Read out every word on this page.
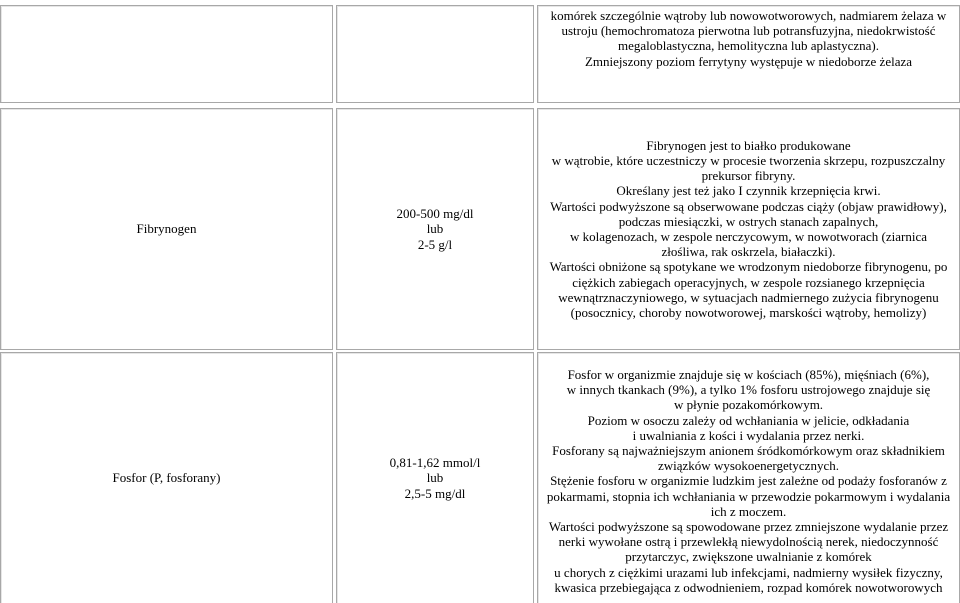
komórek szczególnie wątroby lub nowowotworowych, nadmiarem żelaza w
ustroju (hemochromatoza pierwotna lub potransfuzyjna, niedokrwistość
megaloblastyczna, hemolityczna lub aplastyczna).
Zmniejszony poziom ferrytyny występuje w niedoborze żelaza
Fibrynogen
200-500 mg/dl
lub
2-5 g/l
Fibrynogen jest to białko produkowane
w wątrobie, które uczestniczy w procesie tworzenia skrzepu, rozpuszczalny
prekursor fibryny.
Określany jest też jako I czynnik krzepnięcia krwi.
Wartości podwyższone są obserwowane podczas ciąży (objaw prawidłowy),
podczas miesiączki, w ostrych stanach zapalnych,
w kolagenozach, w zespole nerczycowym, w nowotworach (ziarnica
złośliwa, rak oskrzela, białaczki).
Wartości obniżone są spotykane we wrodzonym niedoborze fibrynogenu, po
ciężkich zabiegach operacyjnych, w zespole rozsianego krzepnięcia
wewnątrznaczyniowego, w sytuacjach nadmiernego zużycia fibrynogenu
(posocznicy, choroby nowotworowej, marskości wątroby, hemolizy)
Fosfor (P, fosforany)
0,81-1,62 mmol/l
lub
2,5-5 mg/dl
Fosfor w organizmie znajduje się w kościach (85%), mięśniach (6%),
w innych tkankach (9%), a tylko 1% fosforu ustrojowego znajduje się
w płynie pozakomórkowym.
Poziom w osoczu zależy od wchłaniania w jelicie, odkładania
i uwalniania z kości i wydalania przez nerki.
Fosforany są najważniejszym anionem śródkomórkowym oraz składnikiem
związków wysokoenergetycznych.
Stężenie fosforu w organizmie ludzkim jest zależne od podaży fosforanów z
pokarmami, stopnia ich wchłaniania w przewodzie pokarmowym i wydalania
ich z moczem.
Wartości podwyższone są spowodowane przez zmniejszone wydalanie przez
nerki wywołane ostrą i przewlekłą niewydolnością nerek, niedoczynność
przytarczyc, zwiększone uwalnianie z komórek
u chorych z ciężkimi urazami lub infekcjami, nadmierny wysiłek fizyczny,
kwasica przebiegająca z odwodnieniem, rozpad komórek nowotworowych
